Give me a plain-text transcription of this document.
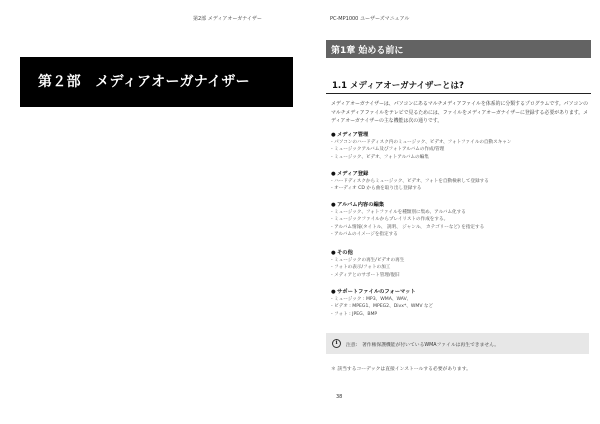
第2部 メディアオーガナイザー	PC-MP1000 ユーザーズマニュアル
第２部　メディアオーガナイザー
第1章 始める前に
1.1 メディアオーガナイザーとは?

メディアオーガナイザーは、パソコンにあるマルチメディアファイルを体系的に分類するプログラムです。パソコンのマルチメディアファイルをテレビで見るためには、ファイルをメディアオーガナイザーに登録する必要があります。メディアオーガナイザーの主な機能は次の通りです。

●メディア管理
- パソコンのハードディスク内のミュージック、ビデオ、フォトファイルの自動スキャン
- ミュージックアルバム及びフォトアルバムの作成/管理
- ミュージック、ビデオ、フォトアルバムの編集
●メディア登録
- ハードディスクからミュージック、ビデオ、フォトを自動検索して登録する
- オーディオ CD から曲を取り出し登録する
●アルバム内容の編集
- ミュージック、フォトファイルを種類別に集め、アルバム化する
- ミュージックファイルからプレイリストの作成をする。
- アルバム情報(タイトル、 説明、 ジャンル、 カテゴリーなど) を指定する
- アルバムのイメージを指定する
●その他
- ミュージックの再生/ビデオの再生
- フォトの表示/フォトの加工
- メディアとのサポート管理/復旧
●サポートファイルのフォーマット
- ミュージック : MP3、WMA、WAV、
- ビデオ : MPEG1、MPEG2、Divx*、WMV など
- フォト : JPEG、BMP
i	注意:　著作権保護機能が付いているWMAファイルは再生できません。
＊ 該当するコーデックは直接インストールする必要があります。
38
